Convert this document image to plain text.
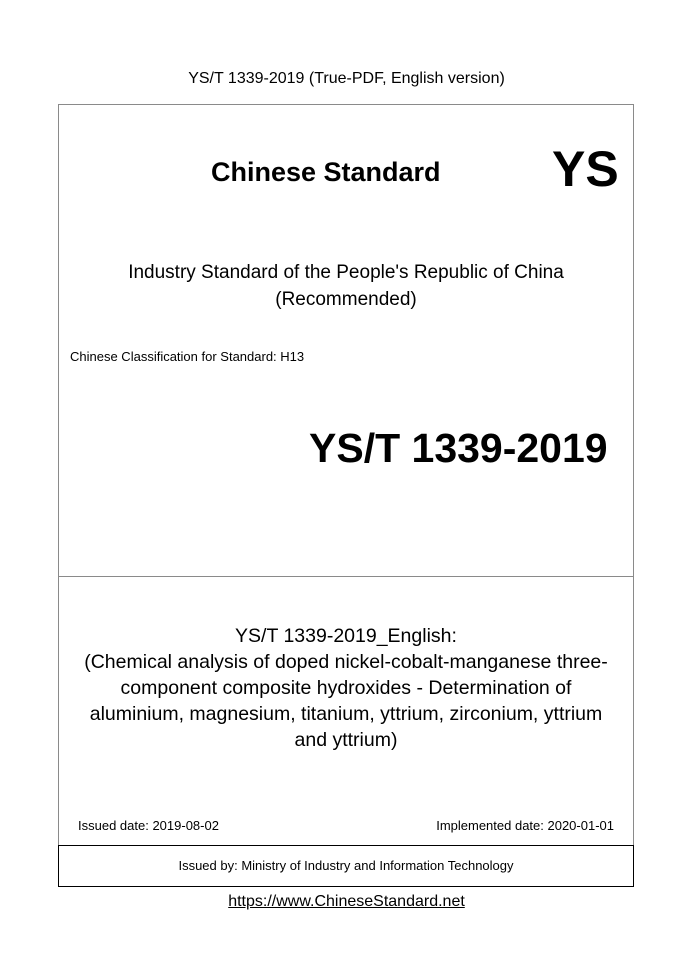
YS/T 1339-2019 (True-PDF, English version)
Chinese Standard YS
Industry Standard of the People's Republic of China
(Recommended)
Chinese Classification for Standard: H13
YS/T 1339-2019
YS/T 1339-2019_English:
(Chemical analysis of doped nickel-cobalt-manganese three-
component composite hydroxides - Determination of
aluminium, magnesium, titanium, yttrium, zirconium, yttrium
and yttrium)
Issued date: 2019-08-02	Implemented date: 2020-01-01
Issued by: Ministry of Industry and Information Technology
https://www.ChineseStandard.net
